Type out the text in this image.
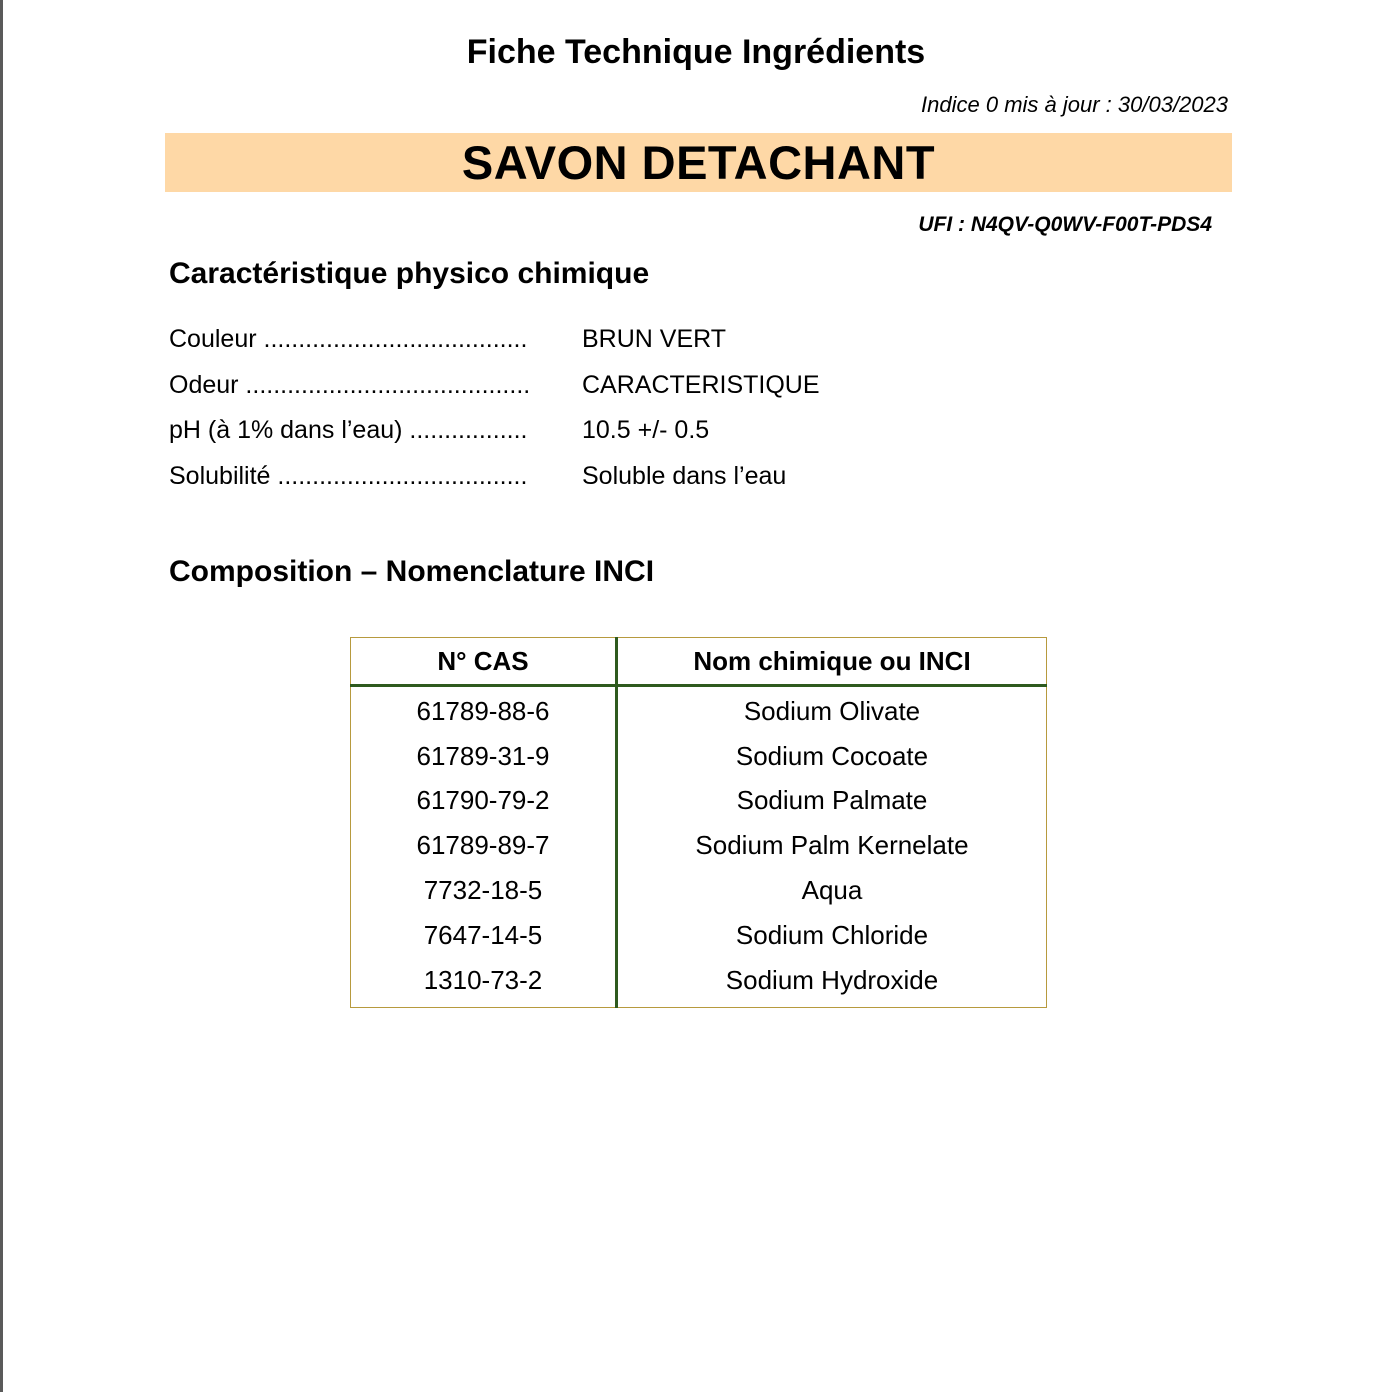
Fiche Technique Ingrédients
Indice 0 mis à jour : 30/03/2023
SAVON DETACHANT
UFI : N4QV-Q0WV-F00T-PDS4
Caractéristique physico chimique
Couleur ......................................	BRUN VERT
Odeur .........................................	CARACTERISTIQUE
pH (à 1% dans l’eau) .................	10.5 +/- 0.5
Solubilité ....................................	Soluble dans l’eau
Composition – Nomenclature INCI
N° CAS	Nom chimique ou INCI
61789-88-6	Sodium Olivate
61789-31-9	Sodium Cocoate
61790-79-2	Sodium Palmate
61789-89-7	Sodium Palm Kernelate
7732-18-5	Aqua
7647-14-5	Sodium Chloride
1310-73-2	Sodium Hydroxide
